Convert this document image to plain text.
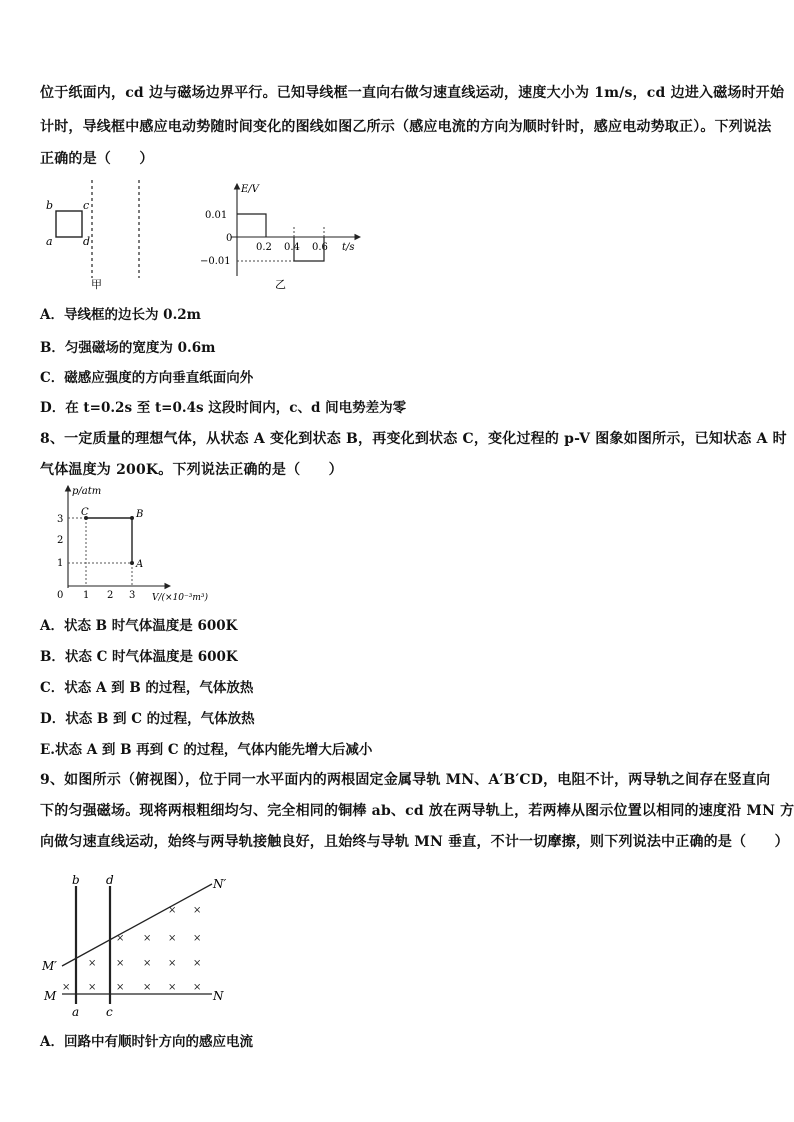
位于纸面内，cd 边与磁场边界平行。已知导线框一直向右做匀速直线运动，速度大小为 1m/s，cd 边进入磁场时开始
计时，导线框中感应电动势随时间变化的图线如图乙所示（感应电流的方向为顺时针时，感应电动势取正）。下列说法
正确的是（　　）
b	c
a	d
甲
E/V
t/s
0
0.01
−0.01
0.2 0.4 0.6
乙
A．导线框的边长为 0.2m
B．匀强磁场的宽度为 0.6m
C．磁感应强度的方向垂直纸面向外
D．在 t=0.2s 至 t=0.4s 这段时间内，c、d 间电势差为零
8、一定质量的理想气体，从状态 A 变化到状态 B，再变化到状态 C，变化过程的 p-V 图象如图所示，已知状态 A 时
气体温度为 200K。下列说法正确的是（　　）
p/atm
V/(×10⁻³m³)
0
1
2
3
1 2 3
A
B
C
A．状态 B 时气体温度是 600K
B．状态 C 时气体温度是 600K
C．状态 A 到 B 的过程，气体放热
D．状态 B 到 C 的过程，气体放热
E.状态 A 到 B 再到 C 的过程，气体内能先增大后减小
9、如图所示（俯视图），位于同一水平面内的两根固定金属导轨 MN、A′B′CD，电阻不计，两导轨之间存在竖直向
下的匀强磁场。现将两根粗细均匀、完全相同的铜棒 ab、cd 放在两导轨上，若两棒从图示位置以相同的速度沿 MN 方
向做匀速直线运动，始终与两导轨接触良好，且始终与导轨 MN 垂直，不计一切摩擦，则下列说法中正确的是（　　）
b d
a c
M	N
M′
N′
× ×
× × × ×
× × × × ×
× × × × × ×
A．回路中有顺时针方向的感应电流
